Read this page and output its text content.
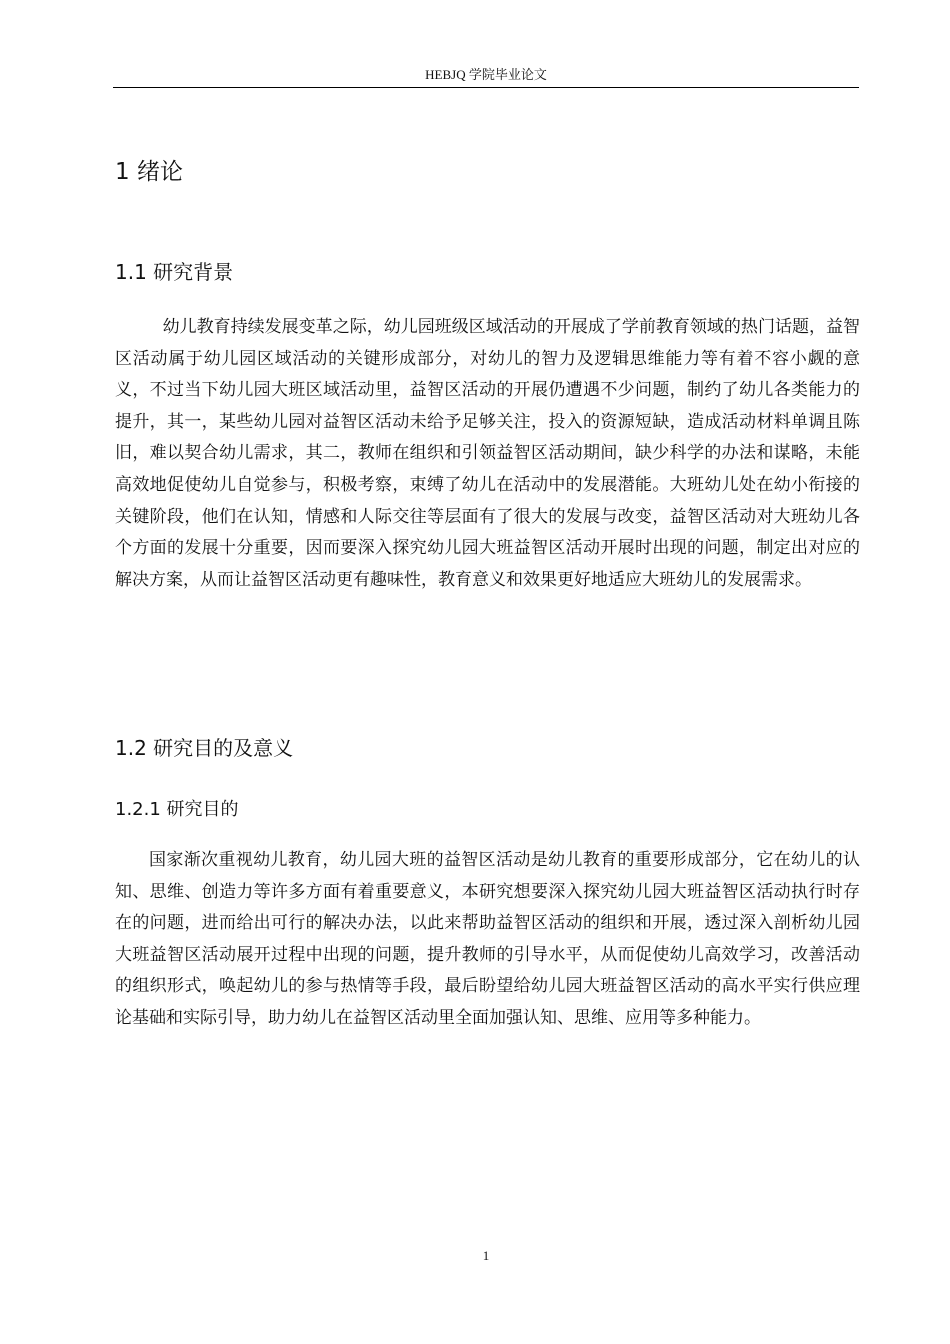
HEBJQ 学院毕业论文
1 绪论
1.1 研究背景
幼儿教育持续发展变革之际，幼儿园班级区域活动的开展成了学前教育领域的热门话题，益智区活动属于幼儿园区域活动的关键形成部分，对幼儿的智力及逻辑思维能力等有着不容小觑的意义，不过当下幼儿园大班区域活动里，益智区活动的开展仍遭遇不少问题，制约了幼儿各类能力的提升，其一，某些幼儿园对益智区活动未给予足够关注，投入的资源短缺，造成活动材料单调且陈旧，难以契合幼儿需求，其二，教师在组织和引领益智区活动期间，缺少科学的办法和谋略，未能高效地促使幼儿自觉参与，积极考察，束缚了幼儿在活动中的发展潜能。大班幼儿处在幼小衔接的关键阶段，他们在认知，情感和人际交往等层面有了很大的发展与改变，益智区活动对大班幼儿各个方面的发展十分重要，因而要深入探究幼儿园大班益智区活动开展时出现的问题，制定出对应的解决方案，从而让益智区活动更有趣味性，教育意义和效果更好地适应大班幼儿的发展需求。
1.2 研究目的及意义
1.2.1 研究目的
国家渐次重视幼儿教育，幼儿园大班的益智区活动是幼儿教育的重要形成部分，它在幼儿的认知、思维、创造力等许多方面有着重要意义，本研究想要深入探究幼儿园大班益智区活动执行时存在的问题，进而给出可行的解决办法，以此来帮助益智区活动的组织和开展，透过深入剖析幼儿园大班益智区活动展开过程中出现的问题，提升教师的引导水平，从而促使幼儿高效学习，改善活动的组织形式，唤起幼儿的参与热情等手段，最后盼望给幼儿园大班益智区活动的高水平实行供应理论基础和实际引导，助力幼儿在益智区活动里全面加强认知、思维、应用等多种能力。
1
